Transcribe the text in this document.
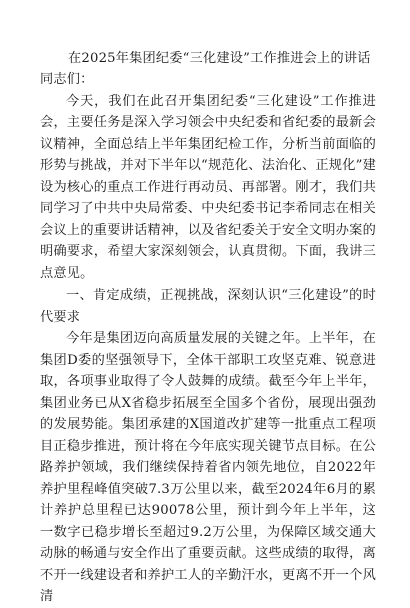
在2025年集团纪委“三化建设”工作推进会上的讲话

同志们：

今天，我们在此召开集团纪委“三化建设”工作推进会，主要任务是深入学习领会中央纪委和省纪委的最新会议精神，全面总结上半年集团纪检工作，分析当前面临的形势与挑战，并对下半年以“规范化、法治化、正规化”建设为核心的重点工作进行再动员、再部署。刚才，我们共同学习了中共中央局常委、中央纪委书记李希同志在相关会议上的重要讲话精神，以及省纪委关于安全文明办案的明确要求，希望大家深刻领会，认真贯彻。下面，我讲三点意见。

一、肯定成绩，正视挑战，深刻认识“三化建设”的时代要求

今年是集团迈向高质量发展的关键之年。上半年，在集团D委的坚强领导下，全体干部职工攻坚克难、锐意进取，各项事业取得了令人鼓舞的成绩。截至今年上半年，集团业务已从X省稳步拓展至全国多个省份，展现出强劲的发展势能。集团承建的X国道改扩建等一批重点工程项目正稳步推进，预计将在今年底实现关键节点目标。在公路养护领域，我们继续保持着省内领先地位，自2022年养护里程峰值突破7.3万公里以来，截至2024年6月的累计养护总里程已达90078公里，预计到今年上半年，这一数字已稳步增长至超过9.2万公里，为保障区域交通大动脉的畅通与安全作出了重要贡献。这些成绩的取得，离不开一线建设者和养护工人的辛勤汗水，更离不开一个风清
